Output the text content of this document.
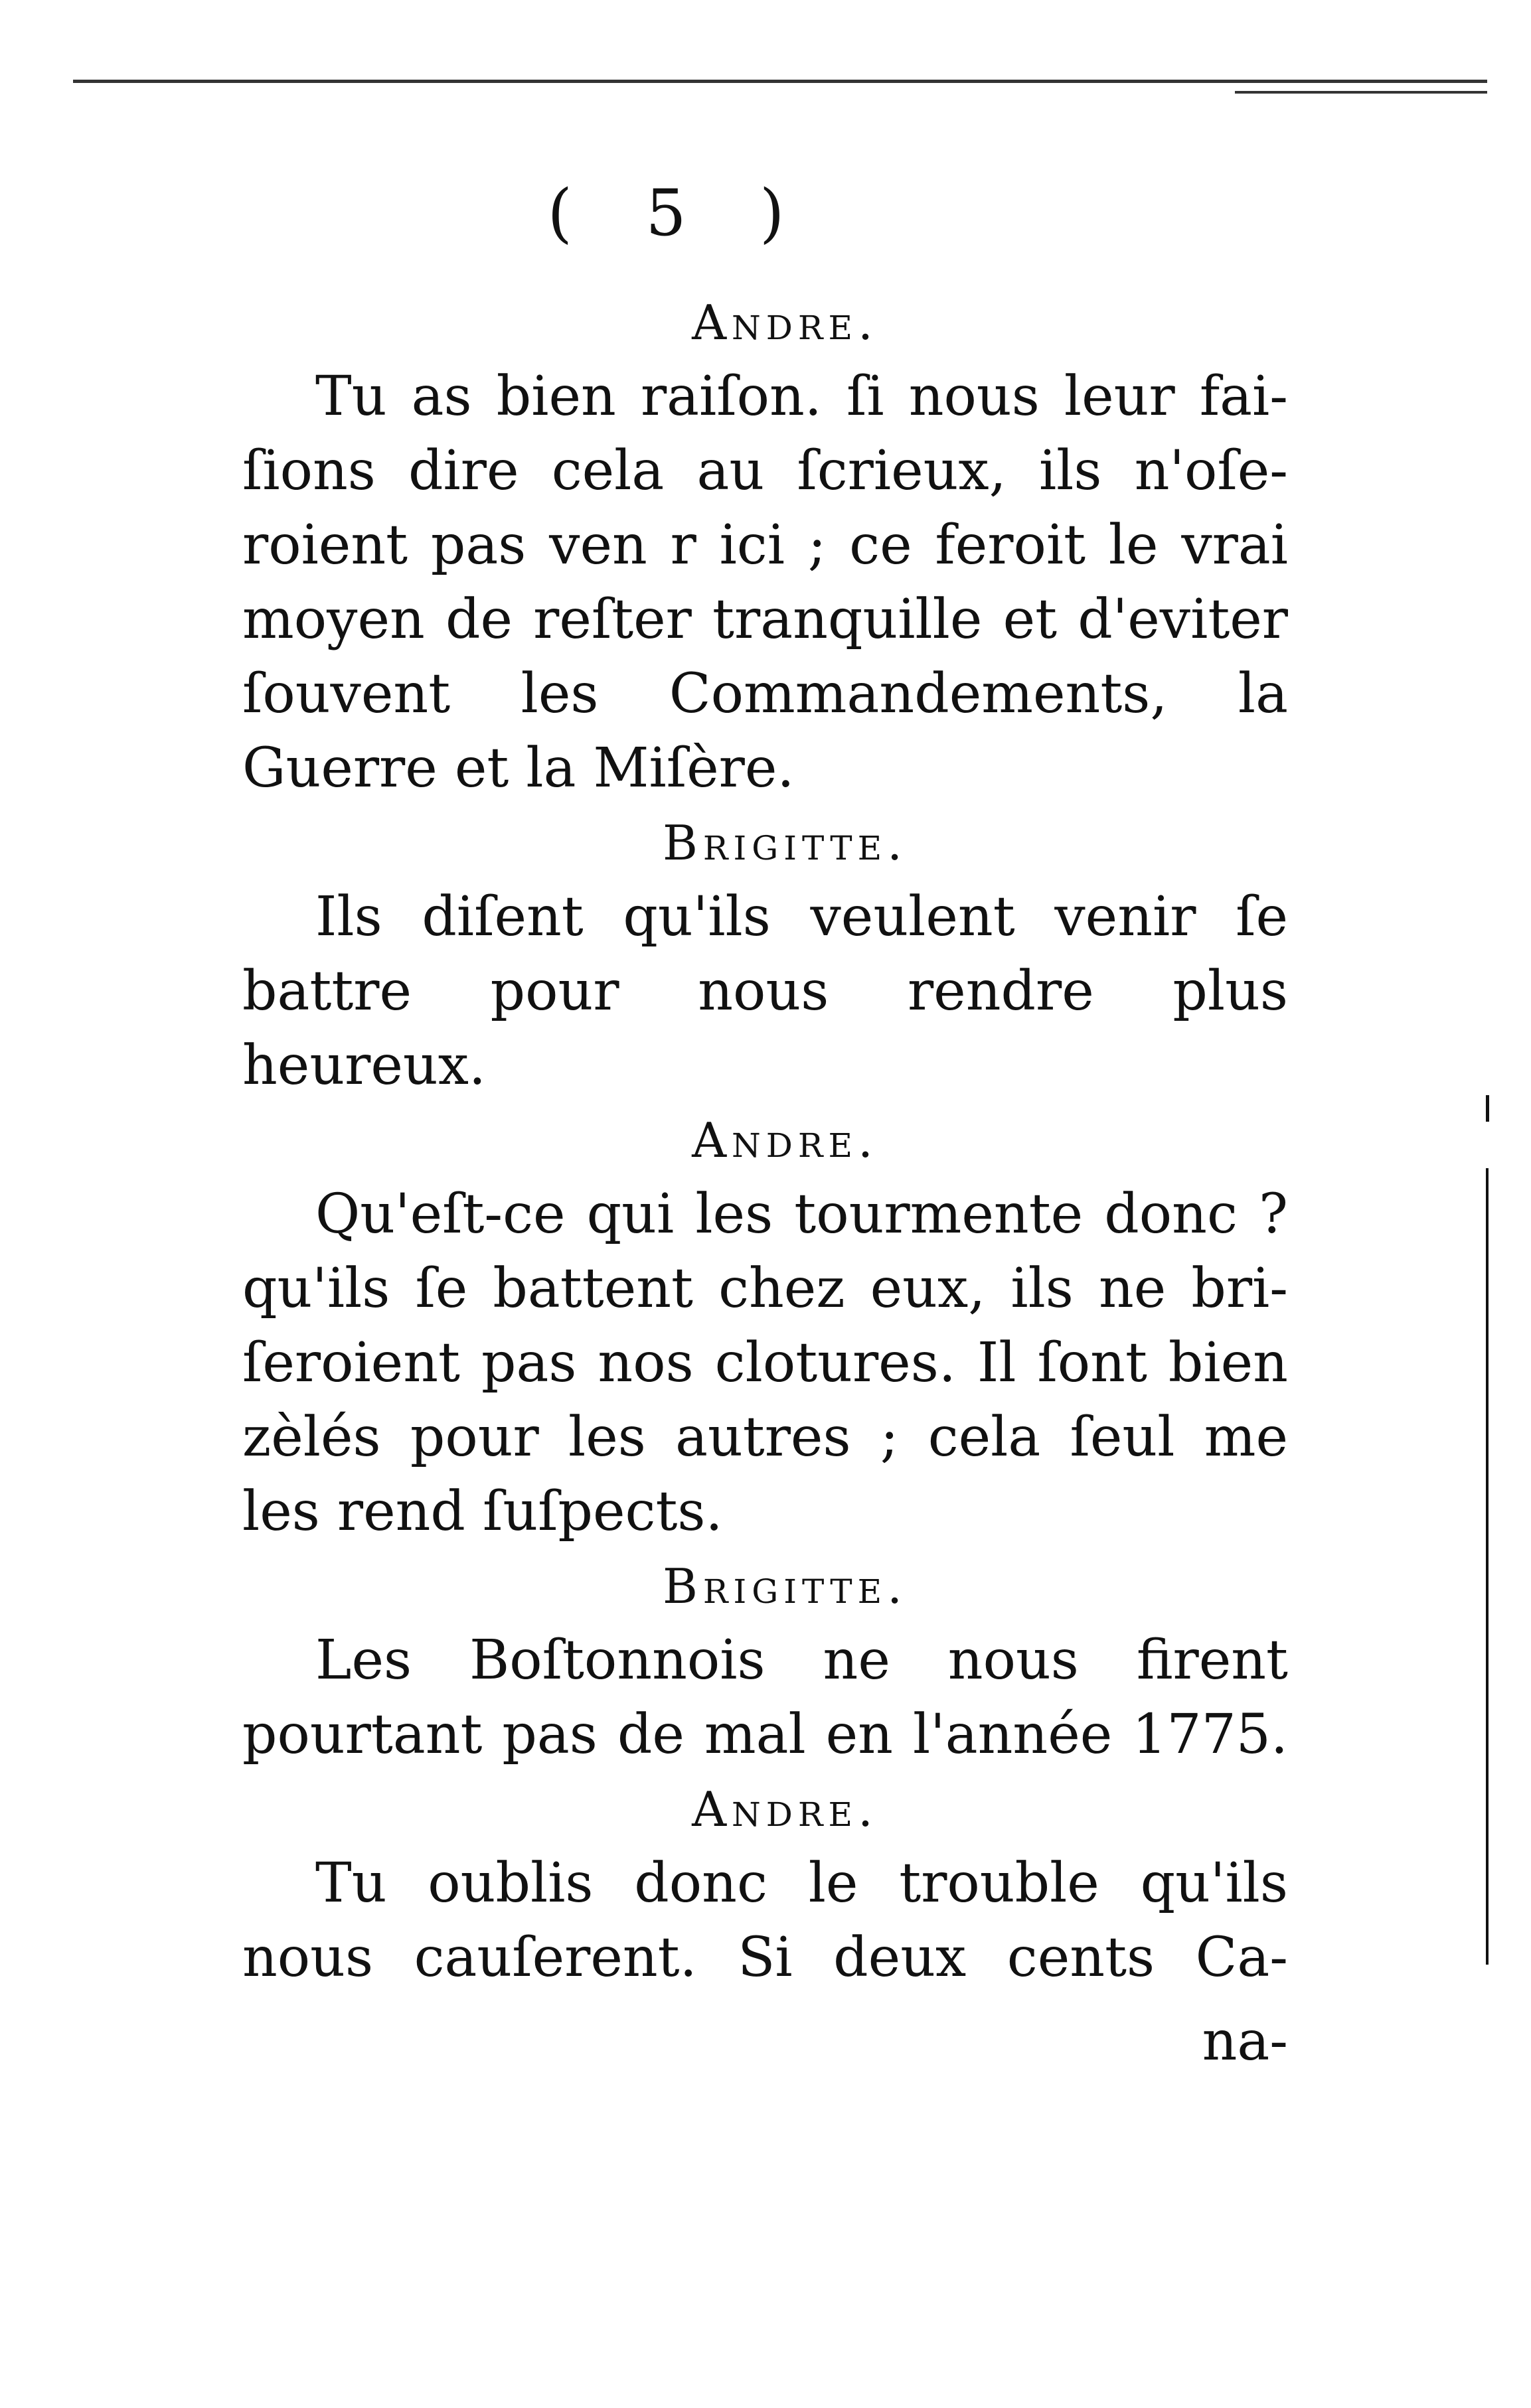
( 5 )
Andre.

Tu as bien raiſon. ſi nous leur fai-

ſions dire cela au ſcrieux, ils n'oſe-

roient pas ven r ici ; ce feroit le vrai

moyen de reſter tranquille et d'eviter

ſouvent les Commandements, la

Guerre et la Miſère.

Brigitte.

Ils diſent qu'ils veulent venir ſe

battre pour nous rendre plus heureux.

Andre.

Qu'eſt-ce qui les tourmente donc ?

qu'ils ſe battent chez eux, ils ne bri-

ſeroient pas nos clotures. Il ſont bien

zèlés pour les autres ; cela ſeul me

les rend ſuſpects.

Brigitte.

Les Boſtonnois ne nous firent

pourtant pas de mal en l'année 1775.

Andre.

Tu oublis donc le trouble qu'ils

nous cauſerent. Si deux cents Ca-

na-
